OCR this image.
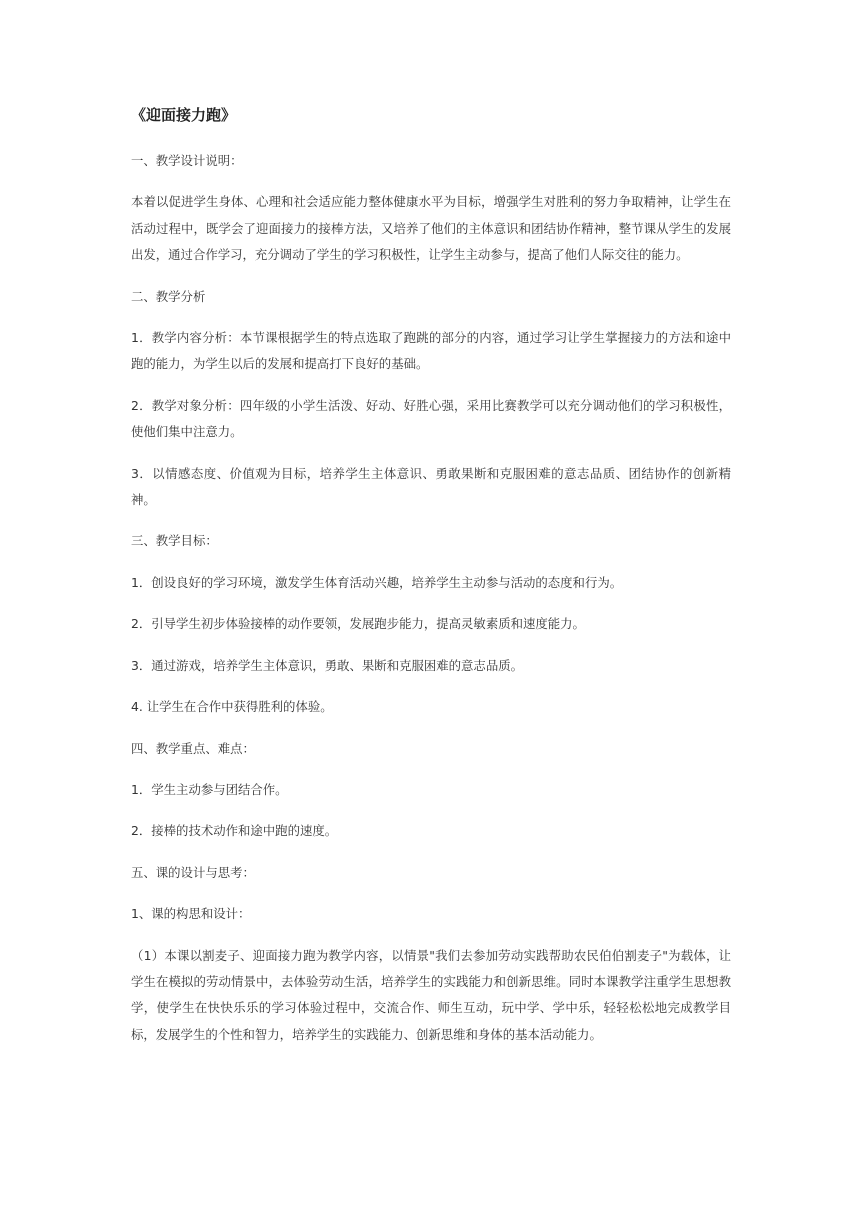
《迎面接力跑》
一、教学设计说明：
本着以促进学生身体、心理和社会适应能力整体健康水平为目标，增强学生对胜利的努力争取精神，让学生在活动过程中，既学会了迎面接力的接棒方法，又培养了他们的主体意识和团结协作精神，整节课从学生的发展出发，通过合作学习，充分调动了学生的学习积极性，让学生主动参与，提高了他们人际交往的能力。
二、教学分析
1．教学内容分析：本节课根据学生的特点选取了跑跳的部分的内容，通过学习让学生掌握接力的方法和途中跑的能力，为学生以后的发展和提高打下良好的基础。
2．教学对象分析：四年级的小学生活泼、好动、好胜心强，采用比赛教学可以充分调动他们的学习积极性，使他们集中注意力。
3．以情感态度、价值观为目标，培养学生主体意识、勇敢果断和克服困难的意志品质、团结协作的创新精神。
三、教学目标：
1．创设良好的学习环境，激发学生体育活动兴趣，培养学生主动参与活动的态度和行为。
2．引导学生初步体验接棒的动作要领，发展跑步能力，提高灵敏素质和速度能力。
3．通过游戏，培养学生主体意识，勇敢、果断和克服困难的意志品质。
4. 让学生在合作中获得胜利的体验。
四、教学重点、难点：
1．学生主动参与团结合作。
2．接棒的技术动作和途中跑的速度。
五、课的设计与思考：
1、课的构思和设计：
（1）本课以割麦子、迎面接力跑为教学内容，以情景"我们去参加劳动实践帮助农民伯伯割麦子"为载体，让学生在模拟的劳动情景中，去体验劳动生活，培养学生的实践能力和创新思维。同时本课教学注重学生思想教学，使学生在快快乐乐的学习体验过程中，交流合作、师生互动，玩中学、学中乐，轻轻松松地完成教学目标，发展学生的个性和智力，培养学生的实践能力、创新思维和身体的基本活动能力。
